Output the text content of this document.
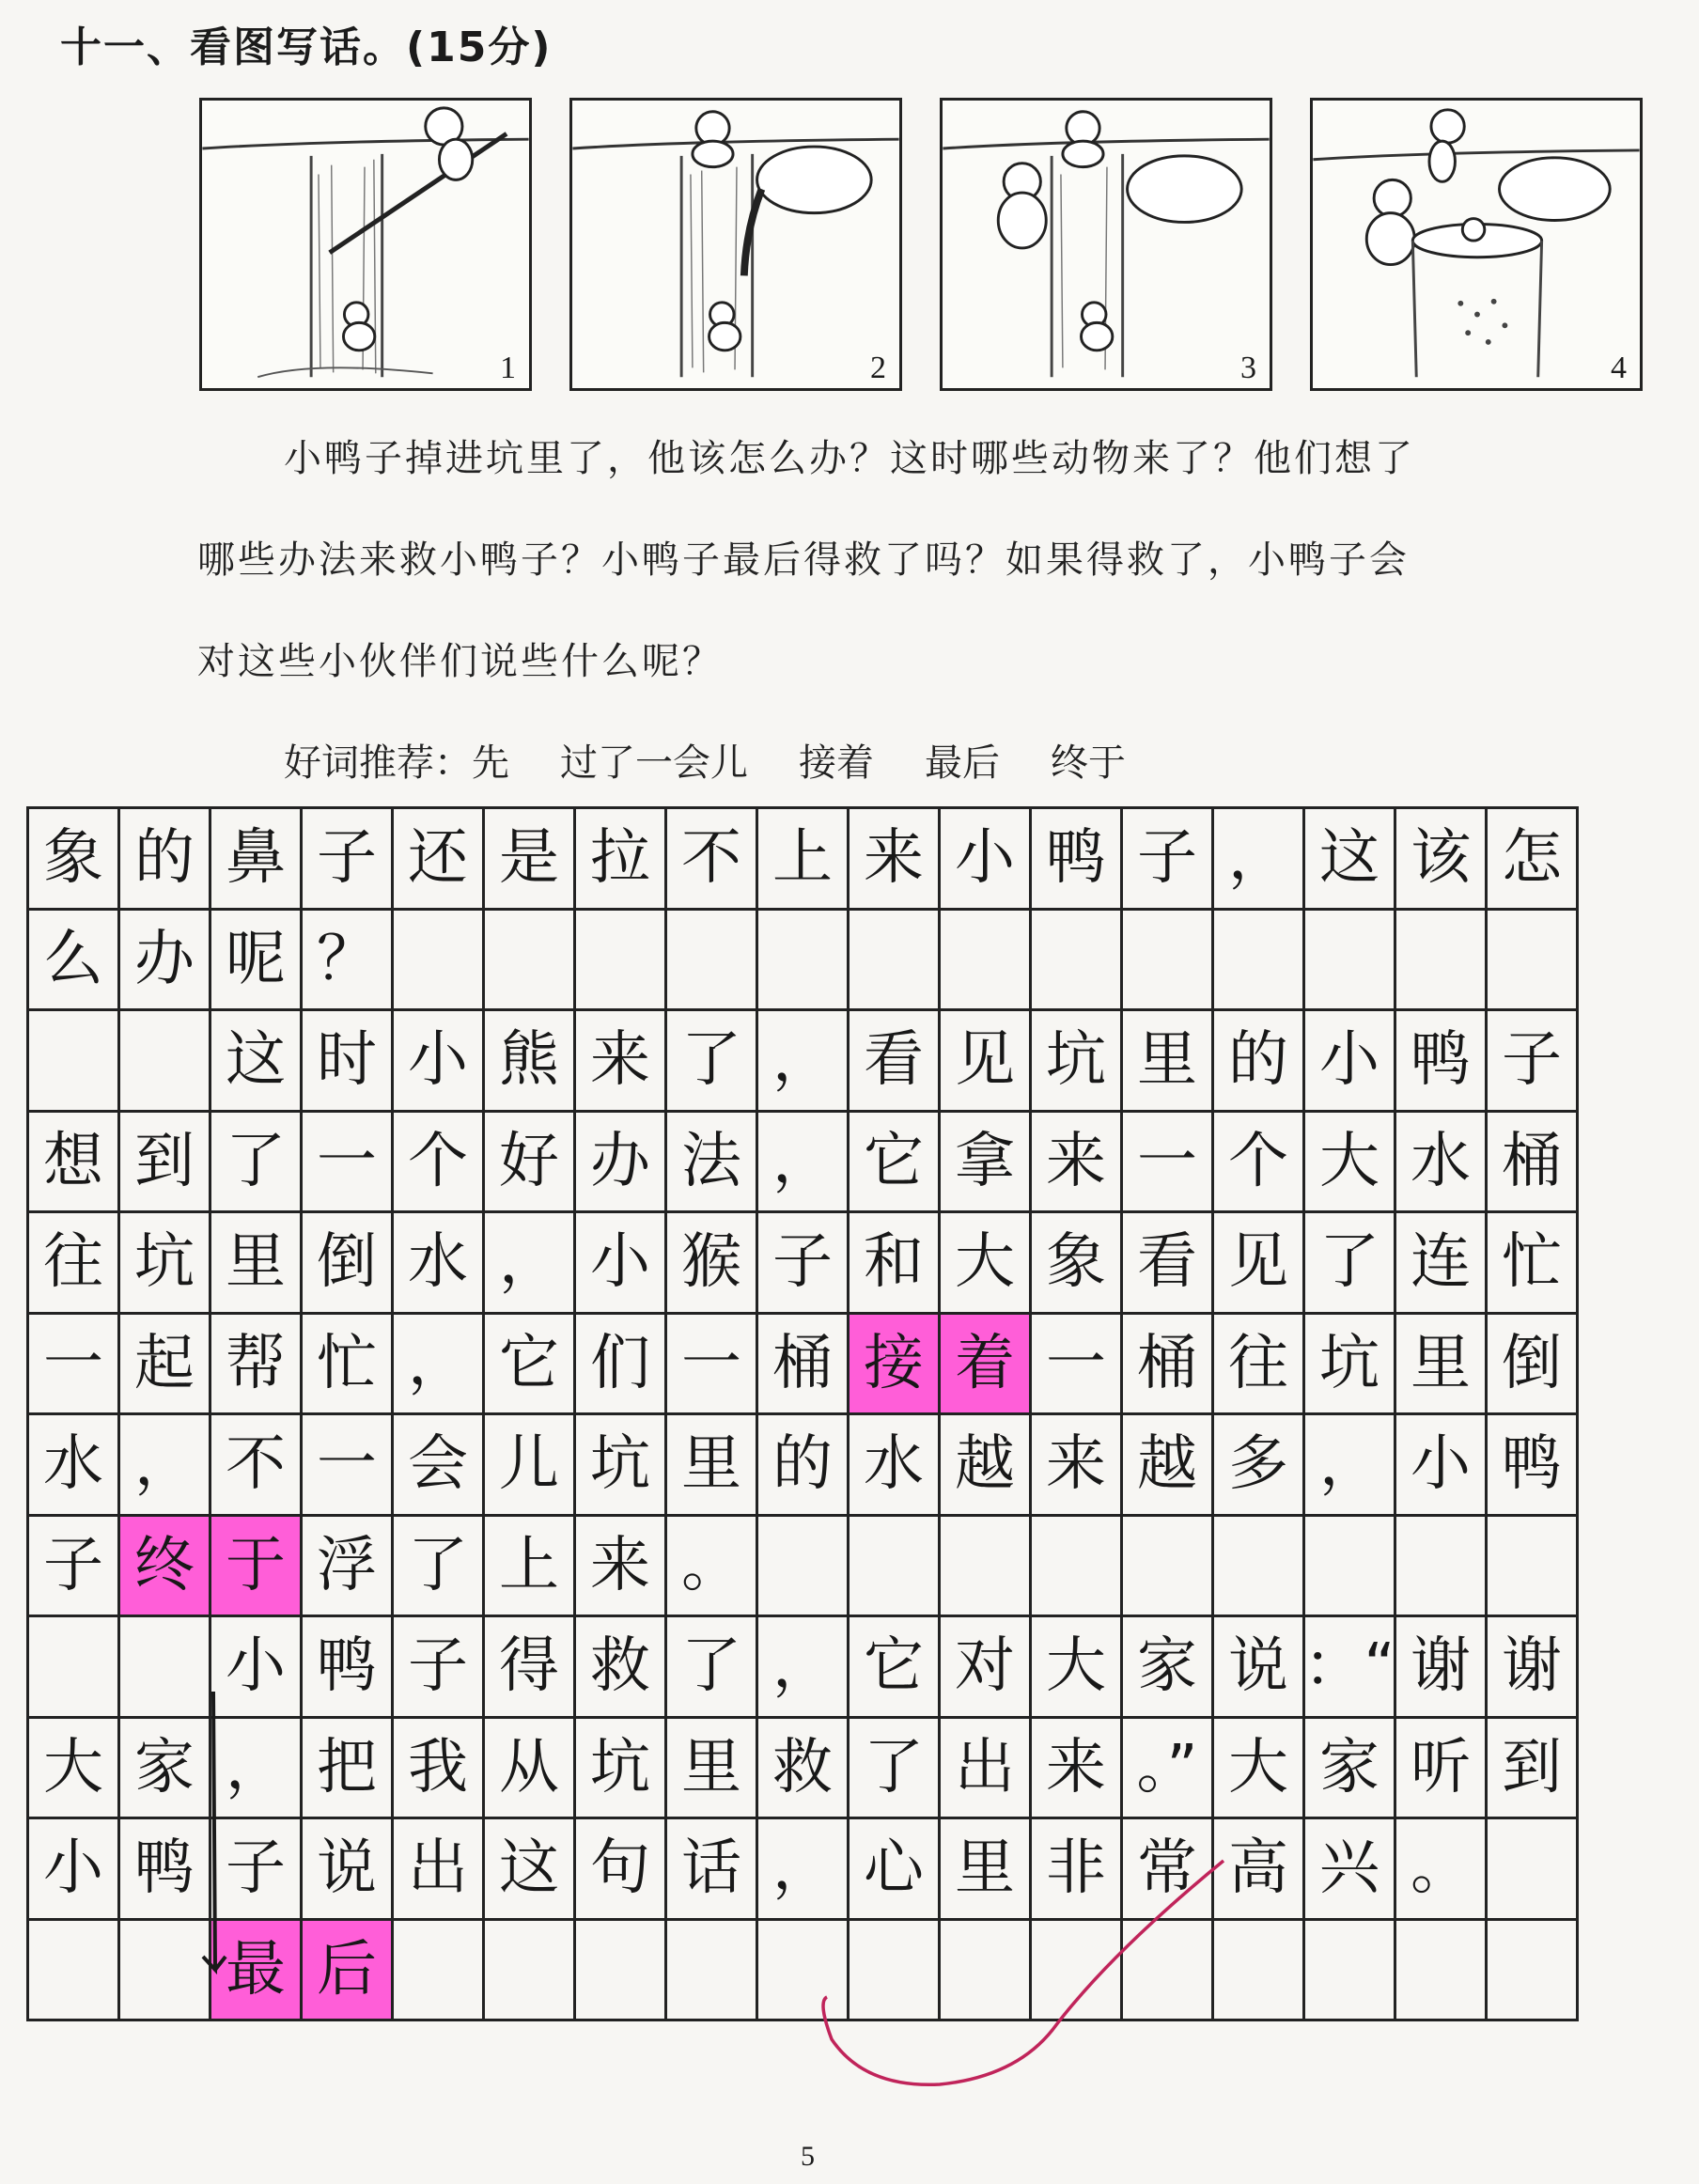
十一、看图写话。(15分)
1	2	3	4
小鸭子掉进坑里了，他该怎么办？这时哪些动物来了？他们想了
哪些办法来救小鸭子？小鸭子最后得救了吗？如果得救了，小鸭子会
对这些小伙伴们说些什么呢？
好词推荐：先 过了一会儿 接着 最后 终于
象 的 鼻 子 还 是 拉 不 上 来 小 鸭 子 ， 这 该 怎
么 办 呢 ？
这 时 小 熊 来 了 ， 看 见 坑 里 的 小 鸭 子
想 到 了 一 个 好 办 法 ， 它 拿 来 一 个 大 水 桶
往 坑 里 倒 水 ， 小 猴 子 和 大 象 看 见 了 连 忙
一 起 帮 忙 ， 它 们 一 桶 接 着 一 桶 往 坑 里 倒
水 ， 不 一 会 儿 坑 里 的 水 越 来 越 多 ， 小 鸭
子 终 于 浮 了 上 来 。
小 鸭 子 得 救 了 ， 它 对 大 家 说 ：“ 谢 谢
大 家 ， 把 我 从 坑 里 救 了 出 来 。” 大 家 听 到
小 鸭 子 说 出 这 句 话 ， 心 里 非 常 高 兴 。
最 后
5
